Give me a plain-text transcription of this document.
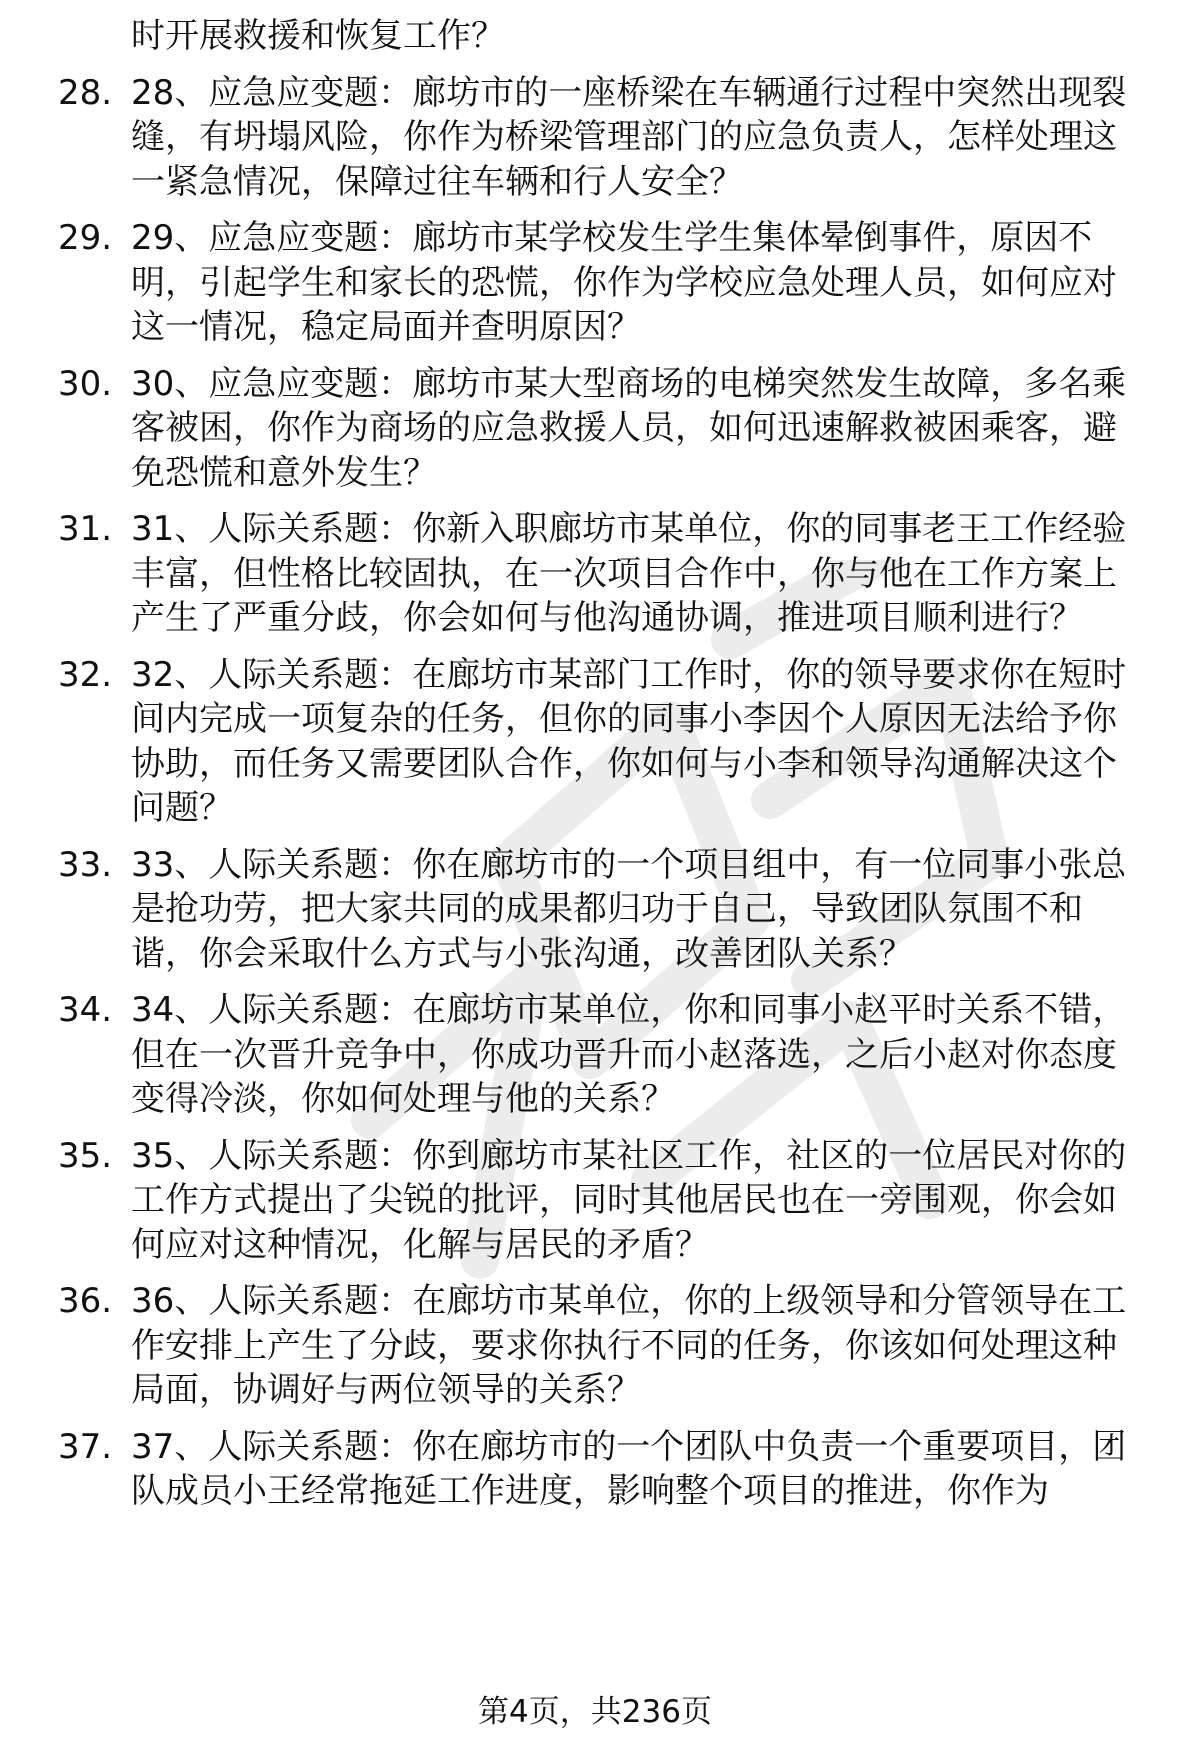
时开展救援和恢复工作？
28. 28、应急应变题：廊坊市的一座桥梁在车辆通行过程中突然出现裂缝，有坍塌风险，你作为桥梁管理部门的应急负责人，怎样处理这一紧急情况，保障过往车辆和行人安全？
29. 29、应急应变题：廊坊市某学校发生学生集体晕倒事件，原因不明，引起学生和家长的恐慌，你作为学校应急处理人员，如何应对这一情况，稳定局面并查明原因？
30. 30、应急应变题：廊坊市某大型商场的电梯突然发生故障，多名乘客被困，你作为商场的应急救援人员，如何迅速解救被困乘客，避免恐慌和意外发生？
31. 31、人际关系题：你新入职廊坊市某单位，你的同事老王工作经验丰富，但性格比较固执，在一次项目合作中，你与他在工作方案上产生了严重分歧，你会如何与他沟通协调，推进项目顺利进行？
32. 32、人际关系题：在廊坊市某部门工作时，你的领导要求你在短时间内完成一项复杂的任务，但你的同事小李因个人原因无法给予你协助，而任务又需要团队合作，你如何与小李和领导沟通解决这个问题？
33. 33、人际关系题：你在廊坊市的一个项目组中，有一位同事小张总是抢功劳，把大家共同的成果都归功于自己，导致团队氛围不和谐，你会采取什么方式与小张沟通，改善团队关系？
34. 34、人际关系题：在廊坊市某单位，你和同事小赵平时关系不错，但在一次晋升竞争中，你成功晋升而小赵落选，之后小赵对你态度变得冷淡，你如何处理与他的关系？
35. 35、人际关系题：你到廊坊市某社区工作，社区的一位居民对你的工作方式提出了尖锐的批评，同时其他居民也在一旁围观，你会如何应对这种情况，化解与居民的矛盾？
36. 36、人际关系题：在廊坊市某单位，你的上级领导和分管领导在工作安排上产生了分歧，要求你执行不同的任务，你该如何处理这种局面，协调好与两位领导的关系？
37. 37、人际关系题：你在廊坊市的一个团队中负责一个重要项目，团队成员小王经常拖延工作进度，影响整个项目的推进，你作为
第4页，共236页
